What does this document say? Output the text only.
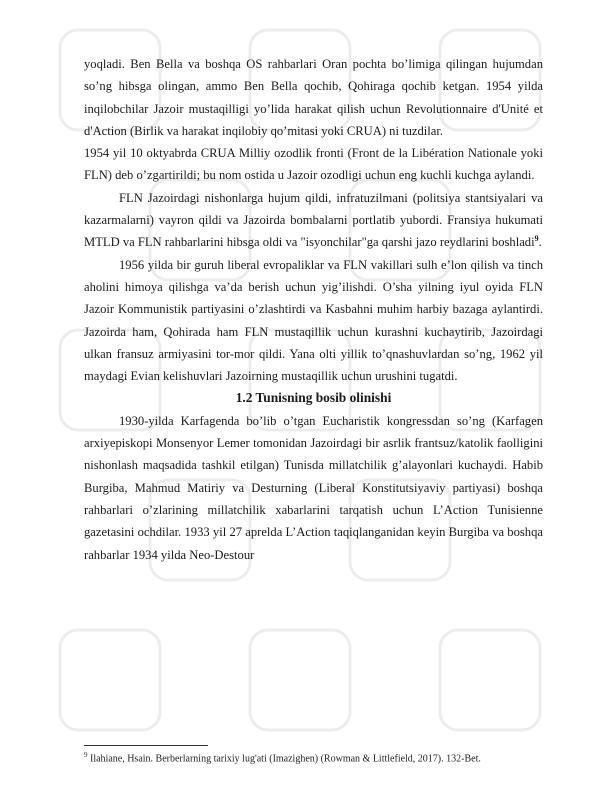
yoqladi. Ben Bella va boshqa OS rahbarlari Oran pochta bo’limiga qilingan hujumdan so’ng hibsga olingan, ammo Ben Bella qochib, Qohiraga qochib ketgan. 1954 yilda inqilobchilar Jazoir mustaqilligi yo’lida harakat qilish uchun Revolutionnaire d'Unité et d'Action (Birlik va harakat inqilobiy qo’mitasi yoki CRUA) ni tuzdilar.

1954 yil 10 oktyabrda CRUA Milliy ozodlik fronti (Front de la Libération Nationale yoki FLN) deb o’zgartirildi; bu nom ostida u Jazoir ozodligi uchun eng kuchli kuchga aylandi.

FLN Jazoirdagi nishonlarga hujum qildi, infratuzilmani (politsiya stantsiyalari va kazarmalarni) vayron qildi va Jazoirda bombalarni portlatib yubordi. Fransiya hukumati MTLD va FLN rahbarlarini hibsga oldi va "isyonchilar"ga qarshi jazo reydlarini boshladi$^9$.

1956 yilda bir guruh liberal evropaliklar va FLN vakillari sulh e’lon qilish va tinch aholini himoya qilishga va’da berish uchun yig’ilishdi. O’sha yilning iyul oyida FLN Jazoir Kommunistik partiyasini o’zlashtirdi va Kasbahni muhim harbiy bazaga aylantirdi. Jazoirda ham, Qohirada ham FLN mustaqillik uchun kurashni kuchaytirib, Jazoirdagi ulkan fransuz armiyasini tor-mor qildi. Yana olti yillik to’qnashuvlardan so’ng, 1962 yil maydagi Evian kelishuvlari Jazoirning mustaqillik uchun urushini tugatdi.

1.2 Tunisning bosib olinishi

1930-yilda Karfagenda bo’lib o’tgan Eucharistik kongressdan so’ng (Karfagen arxiyepiskopi Monsenyor Lemer tomonidan Jazoirdagi bir asrlik frantsuz/katolik faolligini nishonlash maqsadida tashkil etilgan) Tunisda millatchilik g’alayonlari kuchaydi. Habib Burgiba, Mahmud Matiriy va Desturning (Liberal Konstitutsiyaviy partiyasi) boshqa rahbarlari o’zlarining millatchilik xabarlarini tarqatish uchun L’Action Tunisienne gazetasini ochdilar. 1933 yil 27 aprelda L’Action taqiqlanganidan keyin Burgiba va boshqa rahbarlar 1934 yilda Neo-Destour

$^9$ Ilahiane, Hsain. Berberlarning tarixiy lug'ati (Imazighen) (Rowman & Littlefield, 2017). 132-Bet.
